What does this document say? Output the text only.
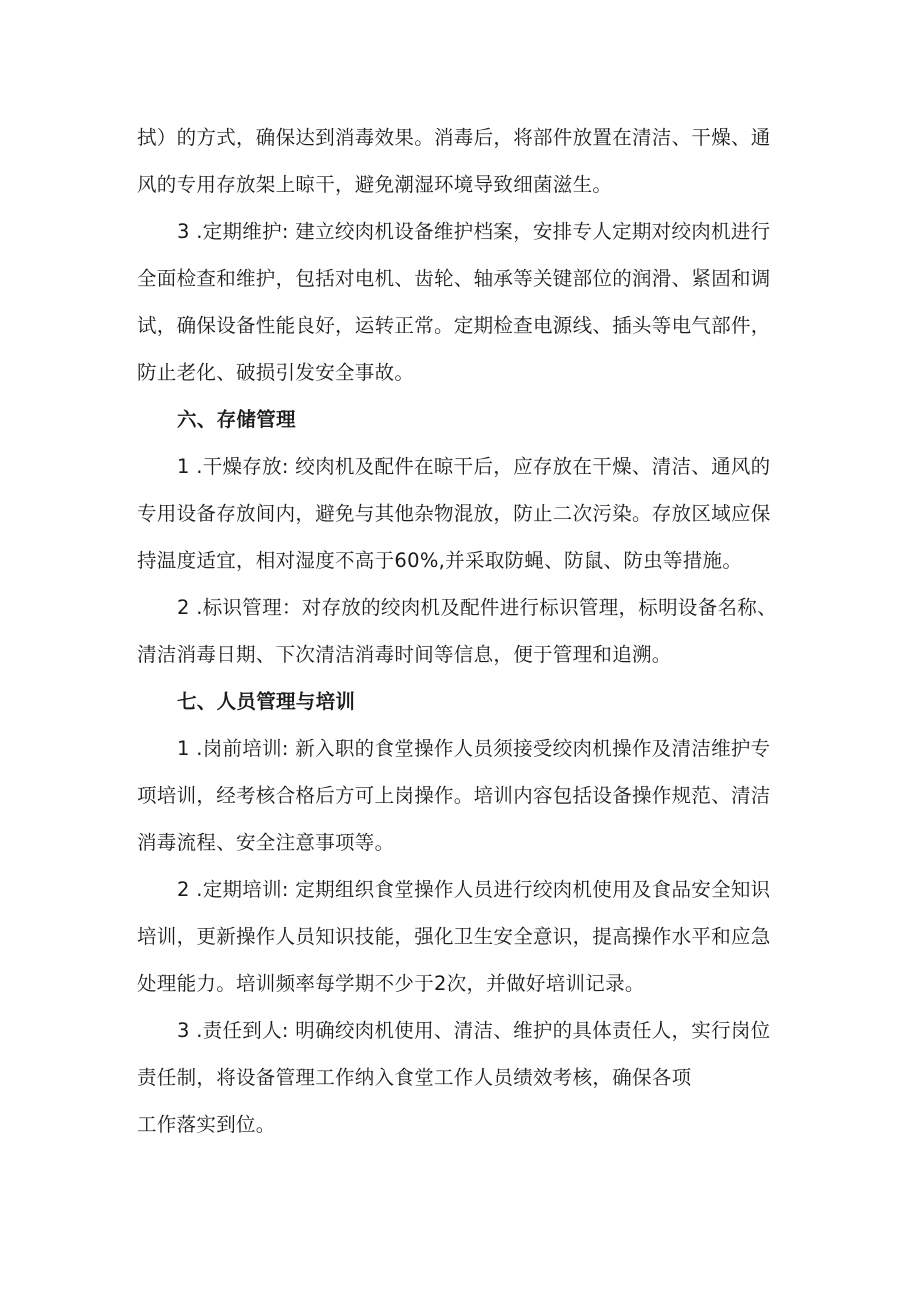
拭）的方式，确保达到消毒效果。消毒后，将部件放置在清洁、干燥、通
风的专用存放架上晾干，避免潮湿环境导致细菌滋生。

3 .定期维护: 建立绞肉机设备维护档案，安排专人定期对绞肉机进行
全面检查和维护，包括对电机、齿轮、轴承等关键部位的润滑、紧固和调
试，确保设备性能良好，运转正常。定期检查电源线、插头等电气部件，
防止老化、破损引发安全事故。

六、存储管理

1 .干燥存放: 绞肉机及配件在晾干后，应存放在干燥、清洁、通风的
专用设备存放间内，避免与其他杂物混放，防止二次污染。存放区域应保
持温度适宜，相对湿度不高于60%,并采取防蝇、防鼠、防虫等措施。

2 .标识管理：对存放的绞肉机及配件进行标识管理，标明设备名称、
清洁消毒日期、下次清洁消毒时间等信息，便于管理和追溯。

七、人员管理与培训

1 .岗前培训: 新入职的食堂操作人员须接受绞肉机操作及清洁维护专
项培训，经考核合格后方可上岗操作。培训内容包括设备操作规范、清洁
消毒流程、安全注意事项等。

2 .定期培训: 定期组织食堂操作人员进行绞肉机使用及食品安全知识
培训，更新操作人员知识技能，强化卫生安全意识，提高操作水平和应急
处理能力。培训频率每学期不少于2次，并做好培训记录。

3 .责任到人: 明确绞肉机使用、清洁、维护的具体责任人，实行岗位
责任制，将设备管理工作纳入食堂工作人员绩效考核，确保各项
工作落实到位。
